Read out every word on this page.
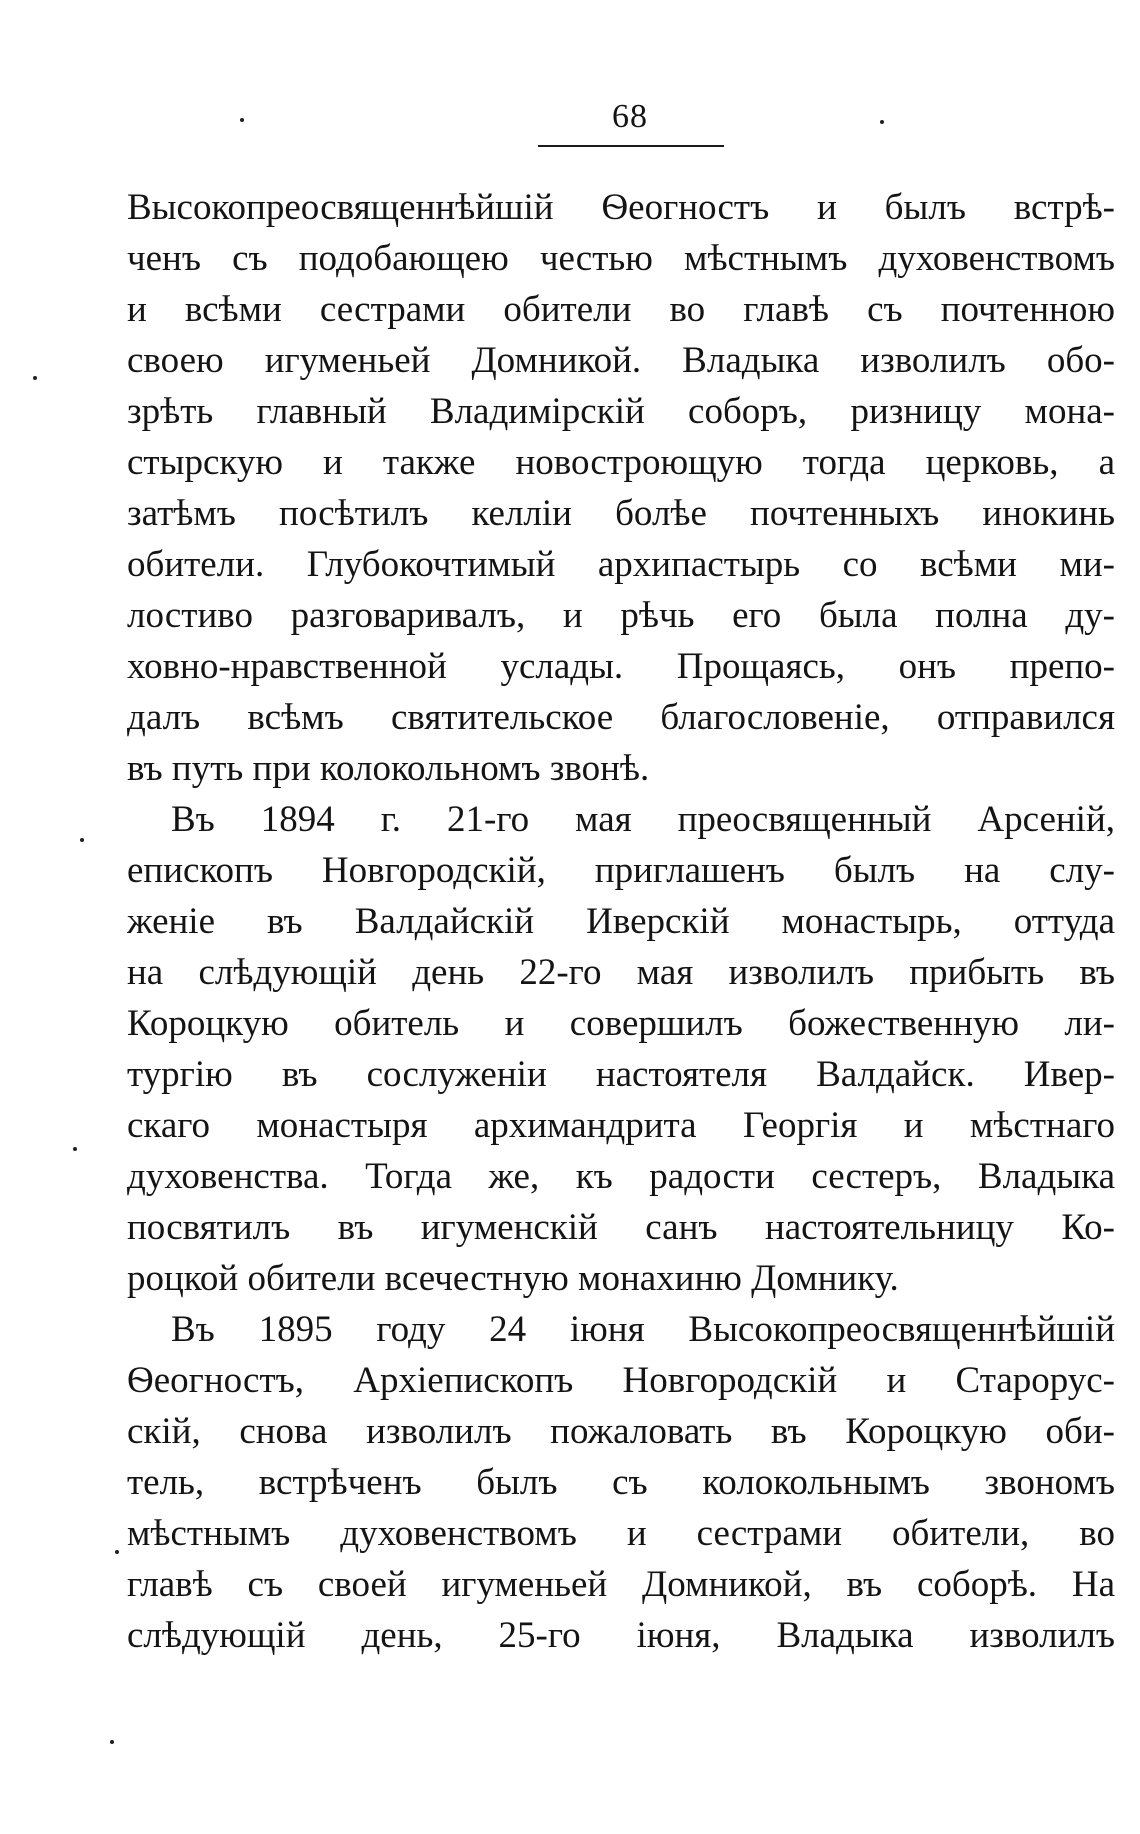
68
Высокопреосвященнѣйшій Ѳеогностъ и былъ встрѣ-
ченъ съ подобающею честью мѣстнымъ духовенствомъ
и всѣми сестрами обители во главѣ съ почтенною
своею игуменьей Домникой. Владыка изволилъ обо-
зрѣть главный Владимірскій соборъ, ризницу мона-
стырскую и также новостроющую тогда церковь, а
затѣмъ посѣтилъ келліи болѣе почтенныхъ инокинь
обители. Глубокочтимый архипастырь со всѣми ми-
лостиво разговаривалъ, и рѣчь его была полна ду-
ховно-нравственной услады. Прощаясь, онъ препо-
далъ всѣмъ святительское благословеніе, отправился
въ путь при колокольномъ звонѣ.
Въ 1894 г. 21-го мая преосвященный Арсеній,
епископъ Новгородскій, приглашенъ былъ на слу-
женіе въ Валдайскій Иверскій монастырь, оттуда
на слѣдующій день 22-го мая изволилъ прибыть въ
Короцкую обитель и совершилъ божественную ли-
тургію въ сослуженіи настоятеля Валдайск. Ивер-
скаго монастыря архимандрита Георгія и мѣстнаго
духовенства. Тогда же, къ радости сестеръ, Владыка
посвятилъ въ игуменскій санъ настоятельницу Ко-
роцкой обители всечестную монахиню Домнику.
Въ 1895 году 24 іюня Высокопреосвященнѣйшій
Ѳеогностъ, Архіепископъ Новгородскій и Старорус-
скій, снова изволилъ пожаловать въ Короцкую оби-
тель, встрѣченъ былъ съ колокольнымъ звономъ
мѣстнымъ духовенствомъ и сестрами обители, во
главѣ съ своей игуменьей Домникой, въ соборѣ. На
слѣдующій день, 25-го іюня, Владыка изволилъ
